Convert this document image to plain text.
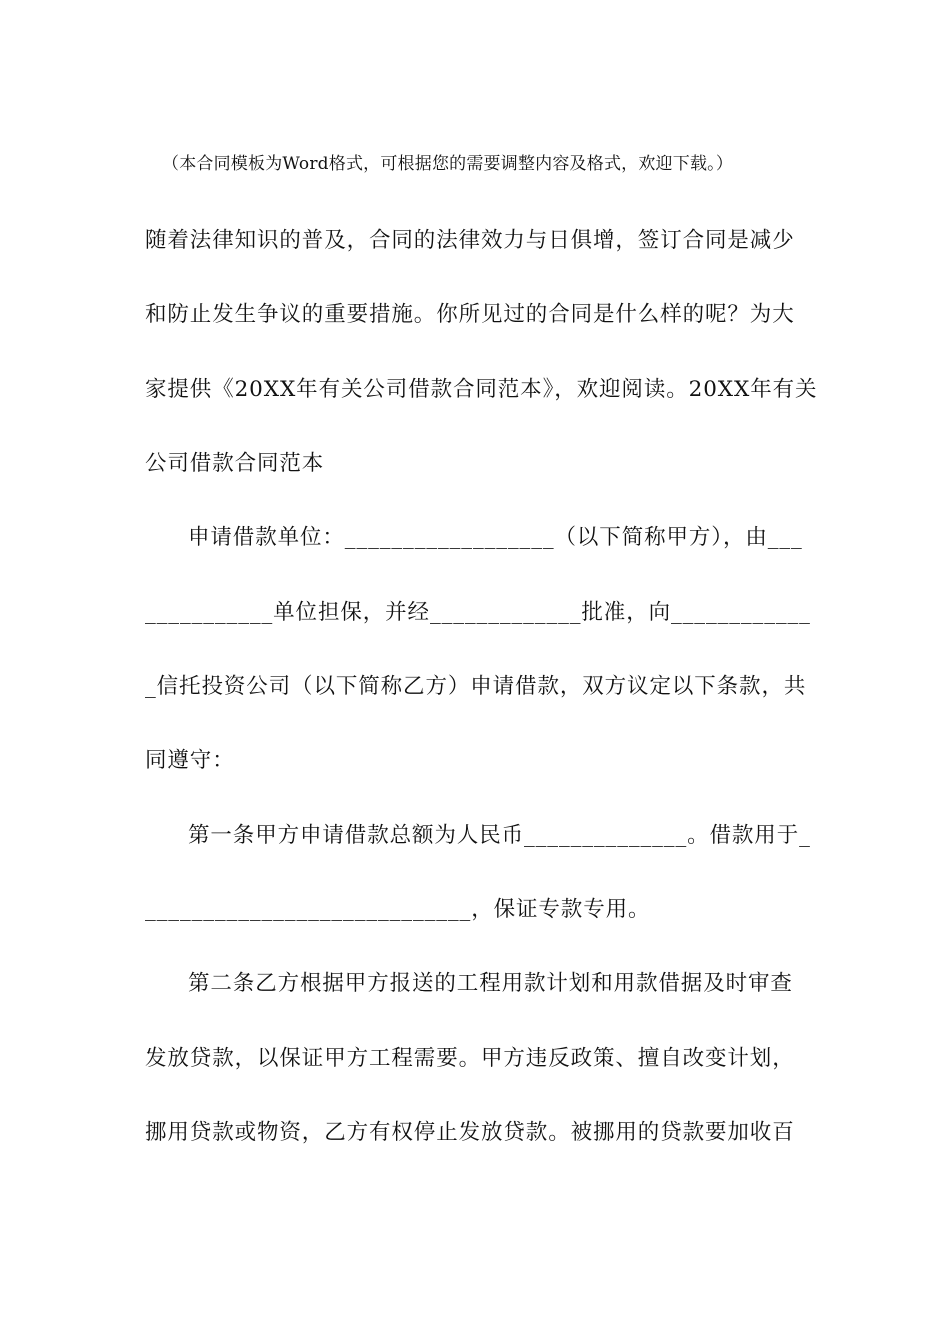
（本合同模板为Word格式，可根据您的需要调整内容及格式，欢迎下载。）
随着法律知识的普及，合同的法律效力与日俱增，签订合同是减少
和防止发生争议的重要措施。你所见过的合同是什么样的呢？为大
家提供《20XX年有关公司借款合同范本》，欢迎阅读。20XX年有关
公司借款合同范本
申请借款单位：__________________（以下简称甲方），由___
___________单位担保，并经_____________批准，向____________
_信托投资公司（以下简称乙方）申请借款，双方议定以下条款，共
同遵守：
第一条甲方申请借款总额为人民币______________。借款用于_
____________________________，保证专款专用。
第二条乙方根据甲方报送的工程用款计划和用款借据及时审查
发放贷款，以保证甲方工程需要。甲方违反政策、擅自改变计划，
挪用贷款或物资，乙方有权停止发放贷款。被挪用的贷款要加收百
